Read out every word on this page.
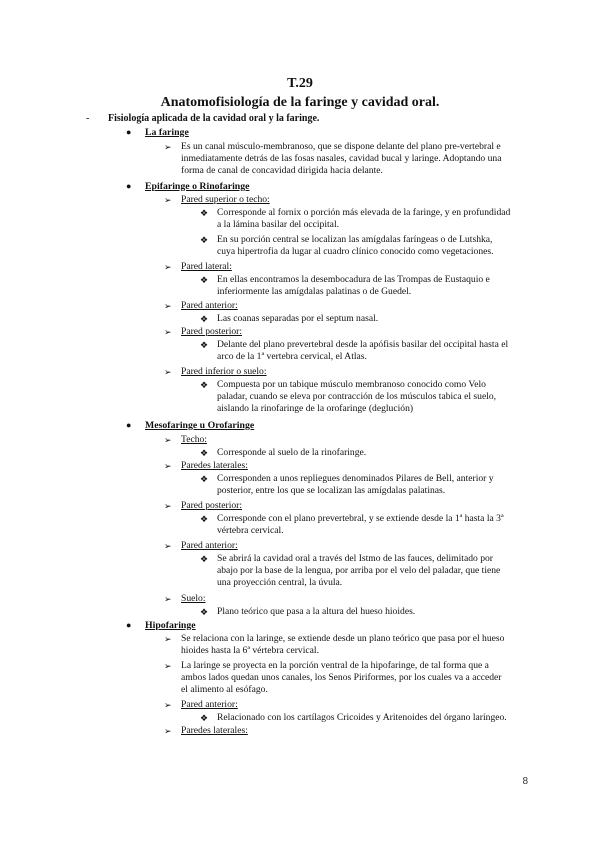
T.29
Anatomofisiología de la faringe y cavidad oral.
- Fisiología aplicada de la cavidad oral y la faringe.
● La faringe
➢ Es un canal músculo-membranoso, que se dispone delante del plano pre-vertebral e
inmediatamente detrás de las fosas nasales, cavidad bucal y laringe. Adoptando una
forma de canal de concavidad dirigida hacia delante.
● Epifaringe o Rinofaringe
➢ Pared superior o techo:
❖ Corresponde al fornix o porción más elevada de la faringe, y en profundidad
a la lámina basilar del occipital.
❖ En su porción central se localizan las amígdalas faríngeas o de Lutshka,
cuya hipertrofia da lugar al cuadro clínico conocido como vegetaciones.
➢ Pared lateral:
❖ En ellas encontramos la desembocadura de las Trompas de Eustaquio e
inferiormente las amígdalas palatinas o de Guedel.
➢ Pared anterior:
❖ Las coanas separadas por el septum nasal.
➢ Pared posterior:
❖ Delante del plano prevertebral desde la apófisis basilar del occipital hasta el
arco de la 1ª vertebra cervical, el Atlas.
➢ Pared inferior o suelo:
❖ Compuesta por un tabique músculo membranoso conocido como Velo
paladar, cuando se eleva por contracción de los músculos tabica el suelo,
aislando la rinofaringe de la orofaringe (deglución)
● Mesofaringe u Orofaringe
➢ Techo:
❖ Corresponde al suelo de la rinofaringe.
➢ Paredes laterales:
❖ Corresponden a unos repliegues denominados Pilares de Bell, anterior y
posterior, entre los que se localizan las amígdalas palatinas.
➢ Pared posterior:
❖ Corresponde con el plano prevertebral, y se extiende desde la 1ª hasta la 3ª
vértebra cervical.
➢ Pared anterior:
❖ Se abrirá la cavidad oral a través del Istmo de las fauces, delimitado por
abajo por la base de la lengua, por arriba por el velo del paladar, que tiene
una proyección central, la úvula.
➢ Suelo:
❖ Plano teórico que pasa a la altura del hueso hioides.
● Hipofaringe
➢ Se relaciona con la laringe, se extiende desde un plano teórico que pasa por el hueso
hioides hasta la 6ª vértebra cervical.
➢ La laringe se proyecta en la porción ventral de la hipofaringe, de tal forma que a
ambos lados quedan unos canales, los Senos Piriformes, por los cuales va a acceder
el alimento al esófago.
➢ Pared anterior:
❖ Relacionado con los cartílagos Cricoides y Aritenoides del órgano laríngeo.
➢ Paredes laterales:
8
